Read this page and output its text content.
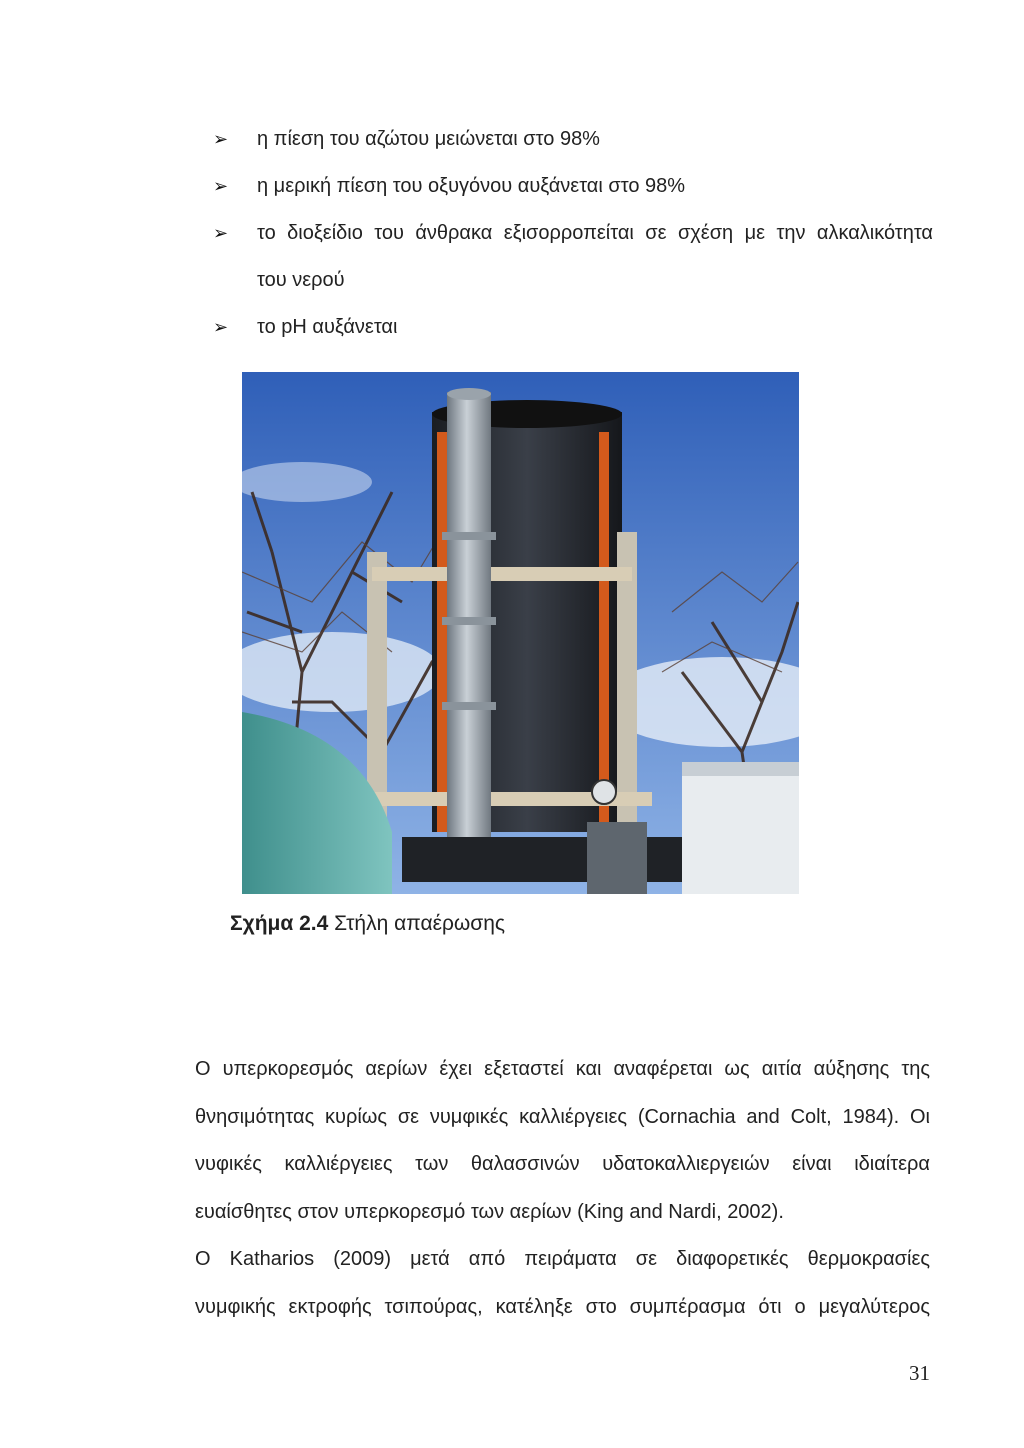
➢	η πίεση του αζώτου μειώνεται στο 98%
➢	η μερική πίεση του οξυγόνου αυξάνεται στο 98%
➢	το διοξείδιο του άνθρακα εξισορροπείται σε σχέση με την αλκαλικότητα
του νερού
➢	το pH αυξάνεται
Σχήμα 2.4 Στήλη απαέρωσης
Ο υπερκορεσμός αερίων έχει εξεταστεί και αναφέρεται ως αιτία αύξησης της
θνησιμότητας κυρίως σε νυμφικές καλλιέργειες (Cornachia and Colt, 1984). Οι
νυφικές καλλιέργειες των θαλασσινών υδατοκαλλιεργειών είναι ιδιαίτερα
ευαίσθητες στον υπερκορεσμό των αερίων (King and Nardi, 2002).
Ο Katharios (2009) μετά από πειράματα σε διαφορετικές θερμοκρασίες
νυμφικής εκτροφής τσιπούρας, κατέληξε στο συμπέρασμα ότι ο μεγαλύτερος
31
